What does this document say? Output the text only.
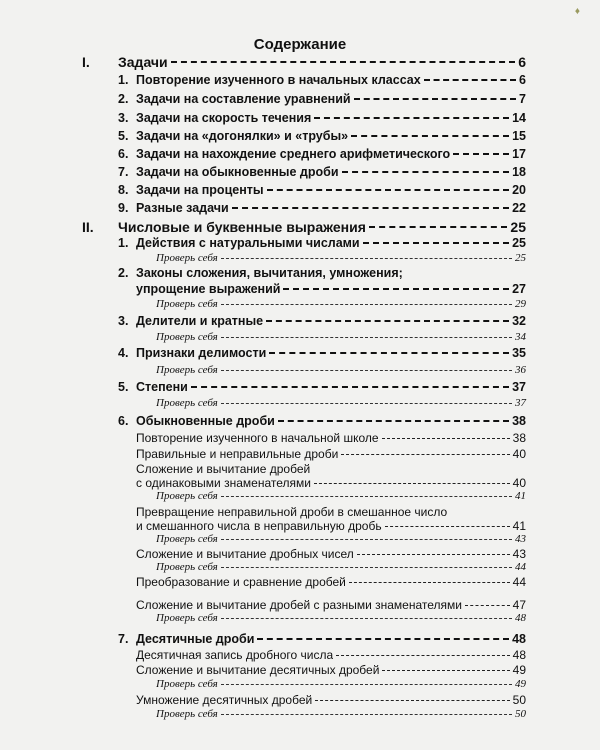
♦
Содержание
I.	Задачи	6
1. Повторение изученного в начальных классах	6
2. Задачи на составление уравнений	7
3. Задачи на скорость течения	14
5. Задачи на «догонялки» и «трубы»	15
6. Задачи на нахождение среднего арифметического	17
7. Задачи на обыкновенные дроби	18
8. Задачи на проценты	20
9. Разные задачи	22
II.	Числовые и буквенные выражения	25
1. Действия с натуральными числами	25
Проверь себя	25
2. Законы сложения, вычитания, умножения;
упрощение выражений	27
Проверь себя	29
3. Делители и кратные	32
Проверь себя	34
4. Признаки делимости	35
Проверь себя	36
5. Степени	37
Проверь себя	37
6. Обыкновенные дроби	38
Повторение изученного в начальной школе	38
Правильные и неправильные дроби	40
Сложение и вычитание дробей
с одинаковыми знаменателями	40
Проверь себя	41
Превращение неправильной дроби в смешанное число
и смешанного числа в неправильную дробь	41
Проверь себя	43
Сложение и вычитание дробных чисел	43
Проверь себя	44
Преобразование и сравнение дробей	44
Сложение и вычитание дробей с разными знаменателями	47
Проверь себя	48
7. Десятичные дроби	48
Десятичная запись дробного числа	48
Сложение и вычитание десятичных дробей	49
Проверь себя	49
Умножение десятичных дробей	50
Проверь себя	50
